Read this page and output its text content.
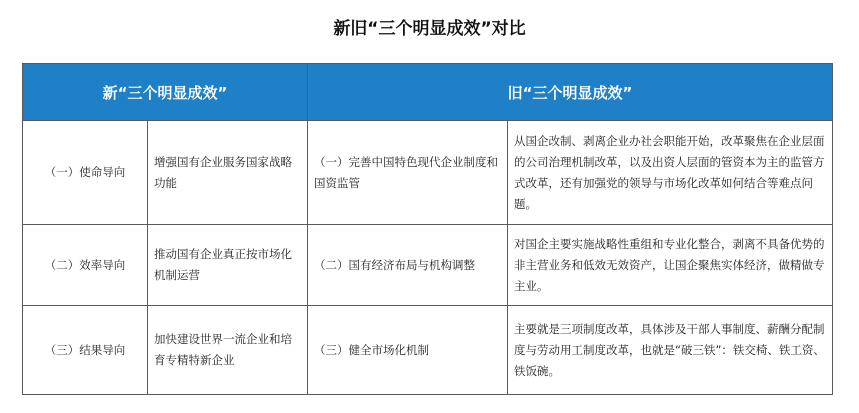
新旧“三个明显成效”对比
新“三个明显成效”		旧“三个明显成效”	
（一）使命导向	增强国有企业服务国家战略功能	（一）完善中国特色现代企业制度和国资监管	从国企改制、剥离企业办社会职能开始，改革聚焦在企业层面的公司治理机制改革，以及出资人层面的管资本为主的监管方式改革，还有加强党的领导与市场化改革如何结合等难点问题。
（二）效率导向	推动国有企业真正按市场化机制运营	（二）国有经济布局与机构调整	对国企主要实施战略性重组和专业化整合，剥离不具备优势的非主营业务和低效无效资产，让国企聚焦实体经济，做精做专主业。
（三）结果导向	加快建设世界一流企业和培育专精特新企业	（三）健全市场化机制	主要就是三项制度改革，具体涉及干部人事制度、薪酬分配制度与劳动用工制度改革，也就是“破三铁”：铁交椅、铁工资、铁饭碗。
